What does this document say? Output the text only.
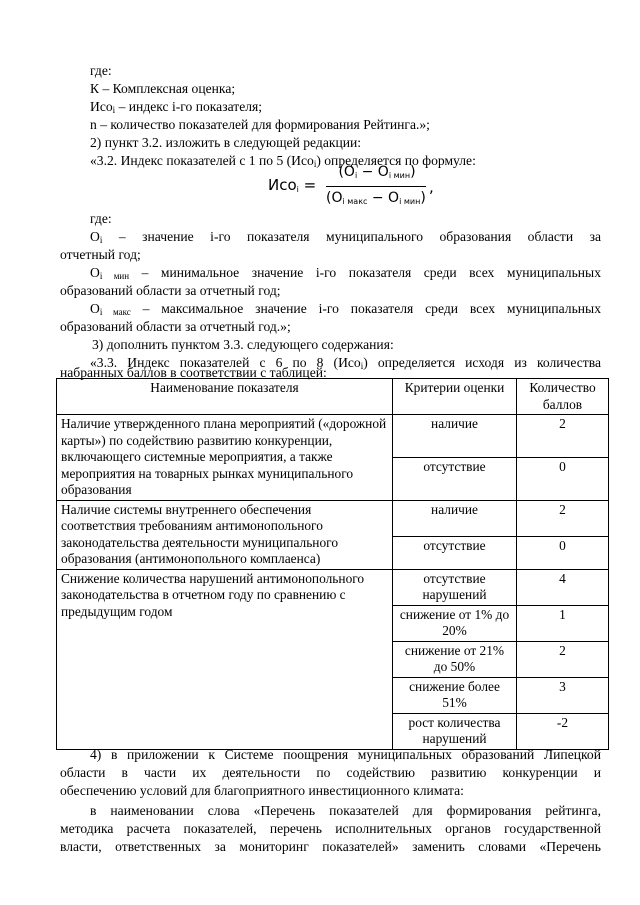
где:
К – Комплексная оценка;
Исо$_i$ – индекс i-го показателя;
n – количество показателей для формирования Рейтинга.»;
2) пункт 3.2. изложить в следующей редакции:
«3.2. Индекс показателей с 1 по 5 (Исо$_i$) определяется по формуле:
Исо$_i$ =
$(O_i - O_{i мин})$
$(O_{i макс} - O_{i мин})$
,
где:
$O_i$ – значение i-го показателя муниципального образования области за
отчетный год;
$O_{i мин}$ – минимальное значение i-го показателя среди всех муниципальных
образований области за отчетный год;
$O_{i макс}$ – максимальное значение i-го показателя среди всех муниципальных
образований области за отчетный год.»;
3) дополнить пунктом 3.3. следующего содержания:
«3.3. Индекс показателей с 6 по 8 (Исо$_i$) определяется исходя из количества
набранных баллов в соответствии с таблицей:
Наименование показателя	Критерии оценки	Количество баллов
Наличие утвержденного плана мероприятий («дорожной карты») по содействию развитию конкуренции, включающего системные мероприятия, а также мероприятия на товарных рынках муниципального образования	наличие	2
	отсутствие	0
Наличие системы внутреннего обеспечения соответствия требованиям антимонопольного законодательства деятельности муниципального образования (антимонопольного комплаенса)	наличие	2
	отсутствие	0
Снижение количества нарушений антимонопольного законодательства в отчетном году по сравнению с предыдущим годом	отсутствие нарушений	4
	снижение от 1% до 20%	1
	снижение от 21% до 50%	2
	снижение более 51%	3
	рост количества нарушений	-2
4) в приложении к Системе поощрения муниципальных образований Липецкой
области в части их деятельности по содействию развитию конкуренции и
обеспечению условий для благоприятного инвестиционного климата:
в наименовании слова «Перечень показателей для формирования рейтинга,
методика расчета показателей, перечень исполнительных органов государственной
власти, ответственных за мониторинг показателей» заменить словами «Перечень
